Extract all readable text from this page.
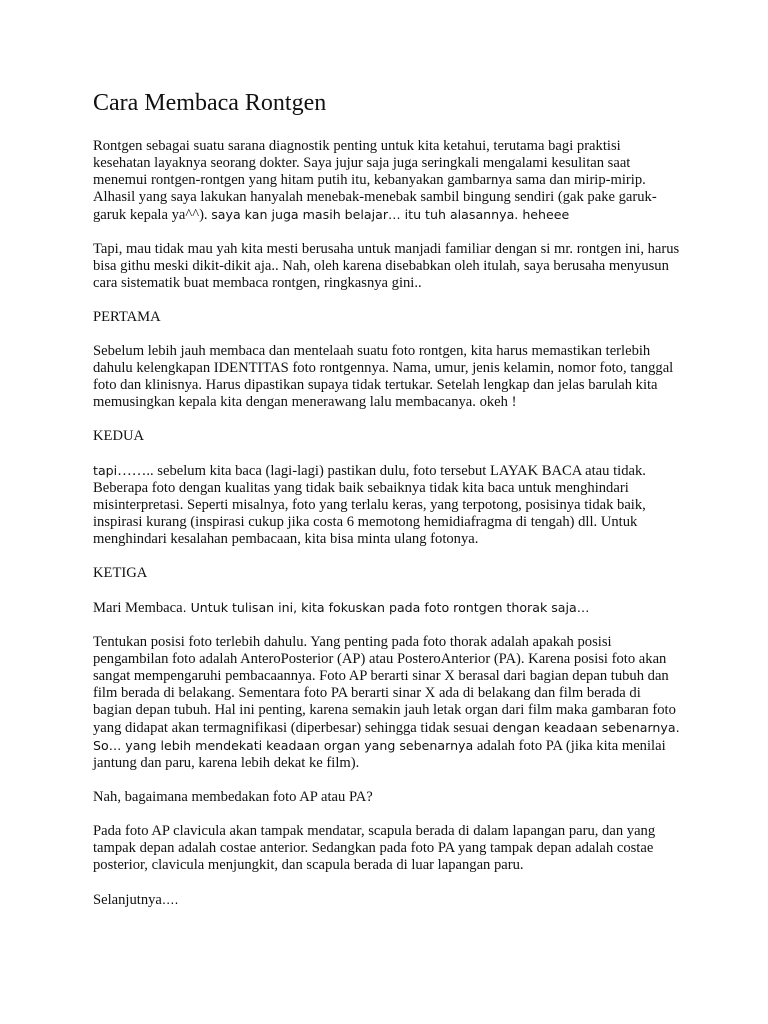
Cara Membaca Rontgen

Rontgen sebagai suatu sarana diagnostik penting untuk kita ketahui, terutama bagi praktisi kesehatan layaknya seorang dokter. Saya jujur saja juga seringkali mengalami kesulitan saat menemui rontgen-rontgen yang hitam putih itu, kebanyakan gambarnya sama dan mirip-mirip. Alhasil yang saya lakukan hanyalah menebak-menebak sambil bingung sendiri (gak pake garuk-garuk kepala ya^^). saya kan juga masih belajar… itu tuh alasannya. heheee

Tapi, mau tidak mau yah kita mesti berusaha untuk manjadi familiar dengan si mr. rontgen ini, harus bisa githu meski dikit-dikit aja.. Nah, oleh karena disebabkan oleh itulah, saya berusaha menyusun cara sistematik buat membaca rontgen, ringkasnya gini..

PERTAMA

Sebelum lebih jauh membaca dan mentelaah suatu foto rontgen, kita harus memastikan terlebih dahulu kelengkapan IDENTITAS foto rontgennya. Nama, umur, jenis kelamin, nomor foto, tanggal foto dan klinisnya. Harus dipastikan supaya tidak tertukar. Setelah lengkap dan jelas barulah kita memusingkan kepala kita dengan menerawang lalu membacanya. okeh !

KEDUA

tapi…….. sebelum kita baca (lagi-lagi) pastikan dulu, foto tersebut LAYAK BACA atau tidak. Beberapa foto dengan kualitas yang tidak baik sebaiknya tidak kita baca untuk menghindari misinterpretasi. Seperti misalnya, foto yang terlalu keras, yang terpotong, posisinya tidak baik, inspirasi kurang (inspirasi cukup jika costa 6 memotong hemidiafragma di tengah) dll. Untuk menghindari kesalahan pembacaan, kita bisa minta ulang fotonya.

KETIGA

Mari Membaca. Untuk tulisan ini, kita fokuskan pada foto rontgen thorak saja…

Tentukan posisi foto terlebih dahulu. Yang penting pada foto thorak adalah apakah posisi pengambilan foto adalah AnteroPosterior (AP) atau PosteroAnterior (PA). Karena posisi foto akan sangat mempengaruhi pembacaannya. Foto AP berarti sinar X berasal dari bagian depan tubuh dan film berada di belakang. Sementara foto PA berarti sinar X ada di belakang dan film berada di bagian depan tubuh. Hal ini penting, karena semakin jauh letak organ dari film maka gambaran foto yang didapat akan termagnifikasi (diperbesar) sehingga tidak sesuai dengan keadaan sebenarnya. So… yang lebih mendekati keadaan organ yang sebenarnya adalah foto PA (jika kita menilai jantung dan paru, karena lebih dekat ke film).

Nah, bagaimana membedakan foto AP atau PA?

Pada foto AP clavicula akan tampak mendatar, scapula berada di dalam lapangan paru, dan yang tampak depan adalah costae anterior. Sedangkan pada foto PA yang tampak depan adalah costae posterior, clavicula menjungkit, dan scapula berada di luar lapangan paru.

Selanjutnya….
